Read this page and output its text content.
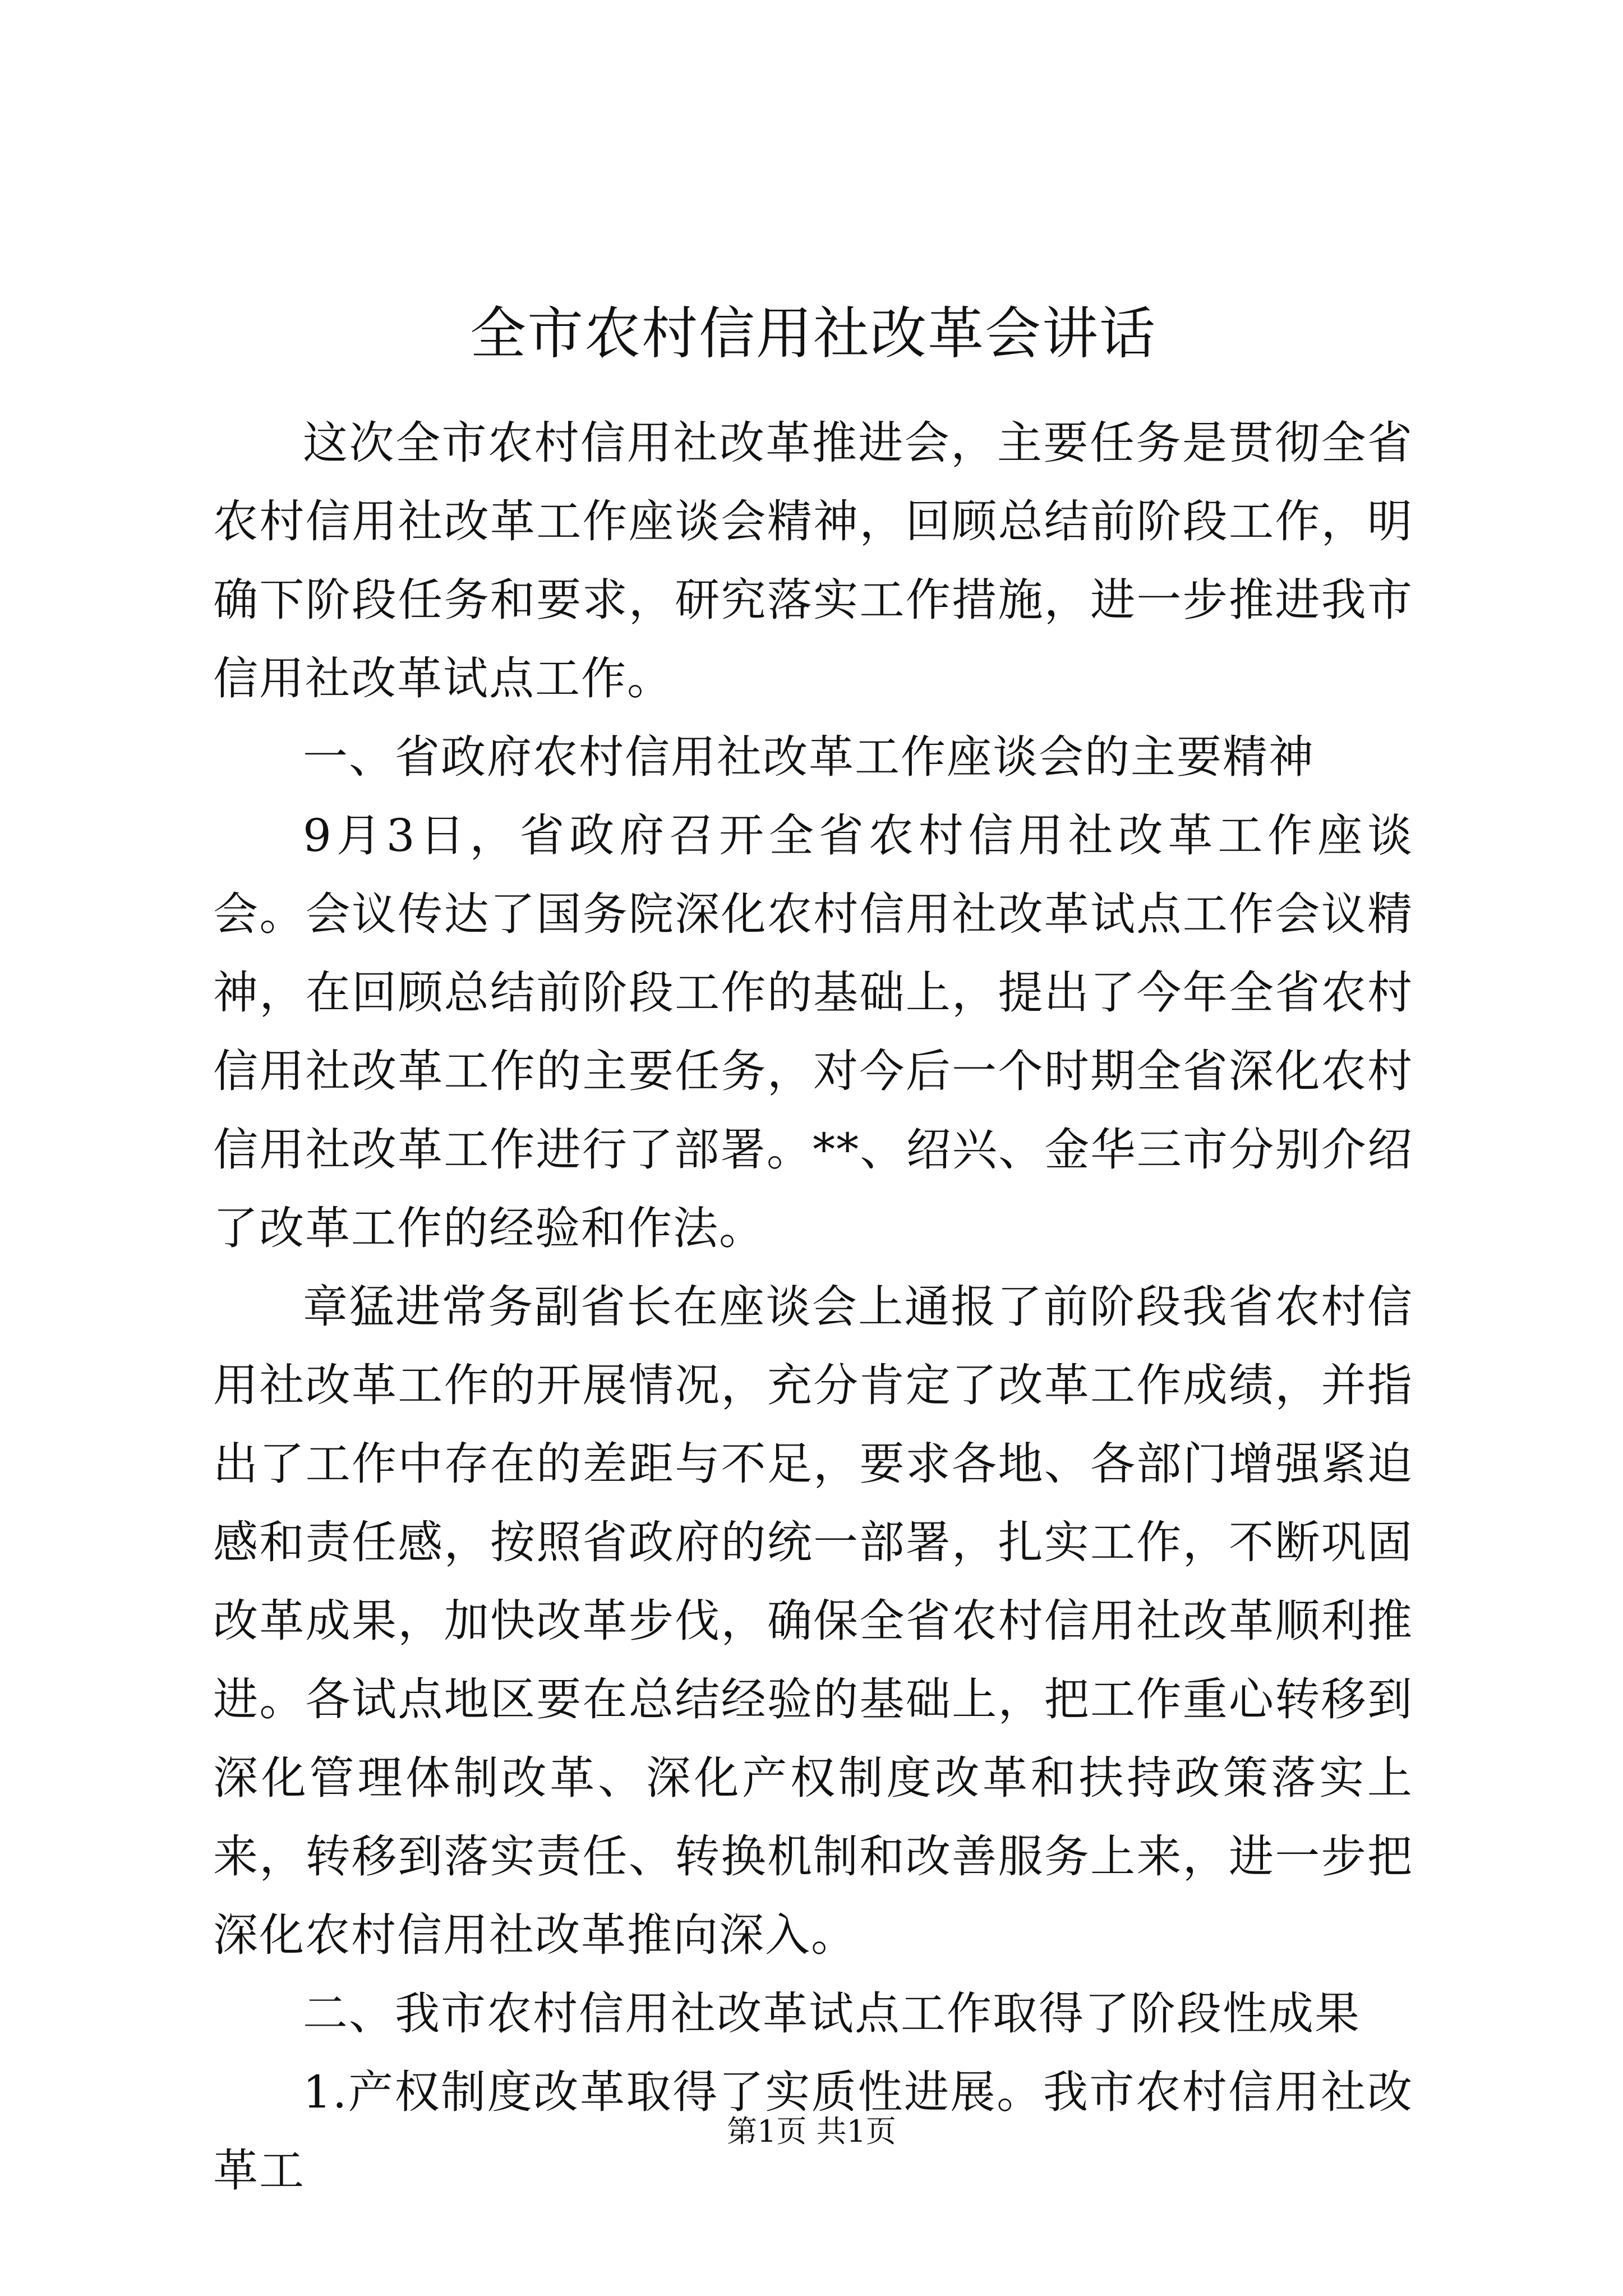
全市农村信用社改革会讲话

这次全市农村信用社改革推进会，主要任务是贯彻全省农村信用社改革工作座谈会精神，回顾总结前阶段工作，明确下阶段任务和要求，研究落实工作措施，进一步推进我市信用社改革试点工作。

一、省政府农村信用社改革工作座谈会的主要精神

9月3日，省政府召开全省农村信用社改革工作座谈会。会议传达了国务院深化农村信用社改革试点工作会议精神，在回顾总结前阶段工作的基础上，提出了今年全省农村信用社改革工作的主要任务，对今后一个时期全省深化农村信用社改革工作进行了部署。**、绍兴、金华三市分别介绍了改革工作的经验和作法。

章猛进常务副省长在座谈会上通报了前阶段我省农村信用社改革工作的开展情况，充分肯定了改革工作成绩，并指出了工作中存在的差距与不足，要求各地、各部门增强紧迫感和责任感，按照省政府的统一部署，扎实工作，不断巩固改革成果，加快改革步伐，确保全省农村信用社改革顺利推进。各试点地区要在总结经验的基础上，把工作重心转移到深化管理体制改革、深化产权制度改革和扶持政策落实上来，转移到落实责任、转换机制和改善服务上来，进一步把深化农村信用社改革推向深入。

二、我市农村信用社改革试点工作取得了阶段性成果

1.产权制度改革取得了实质性进展。我市农村信用社改革工

第1页 共1页
